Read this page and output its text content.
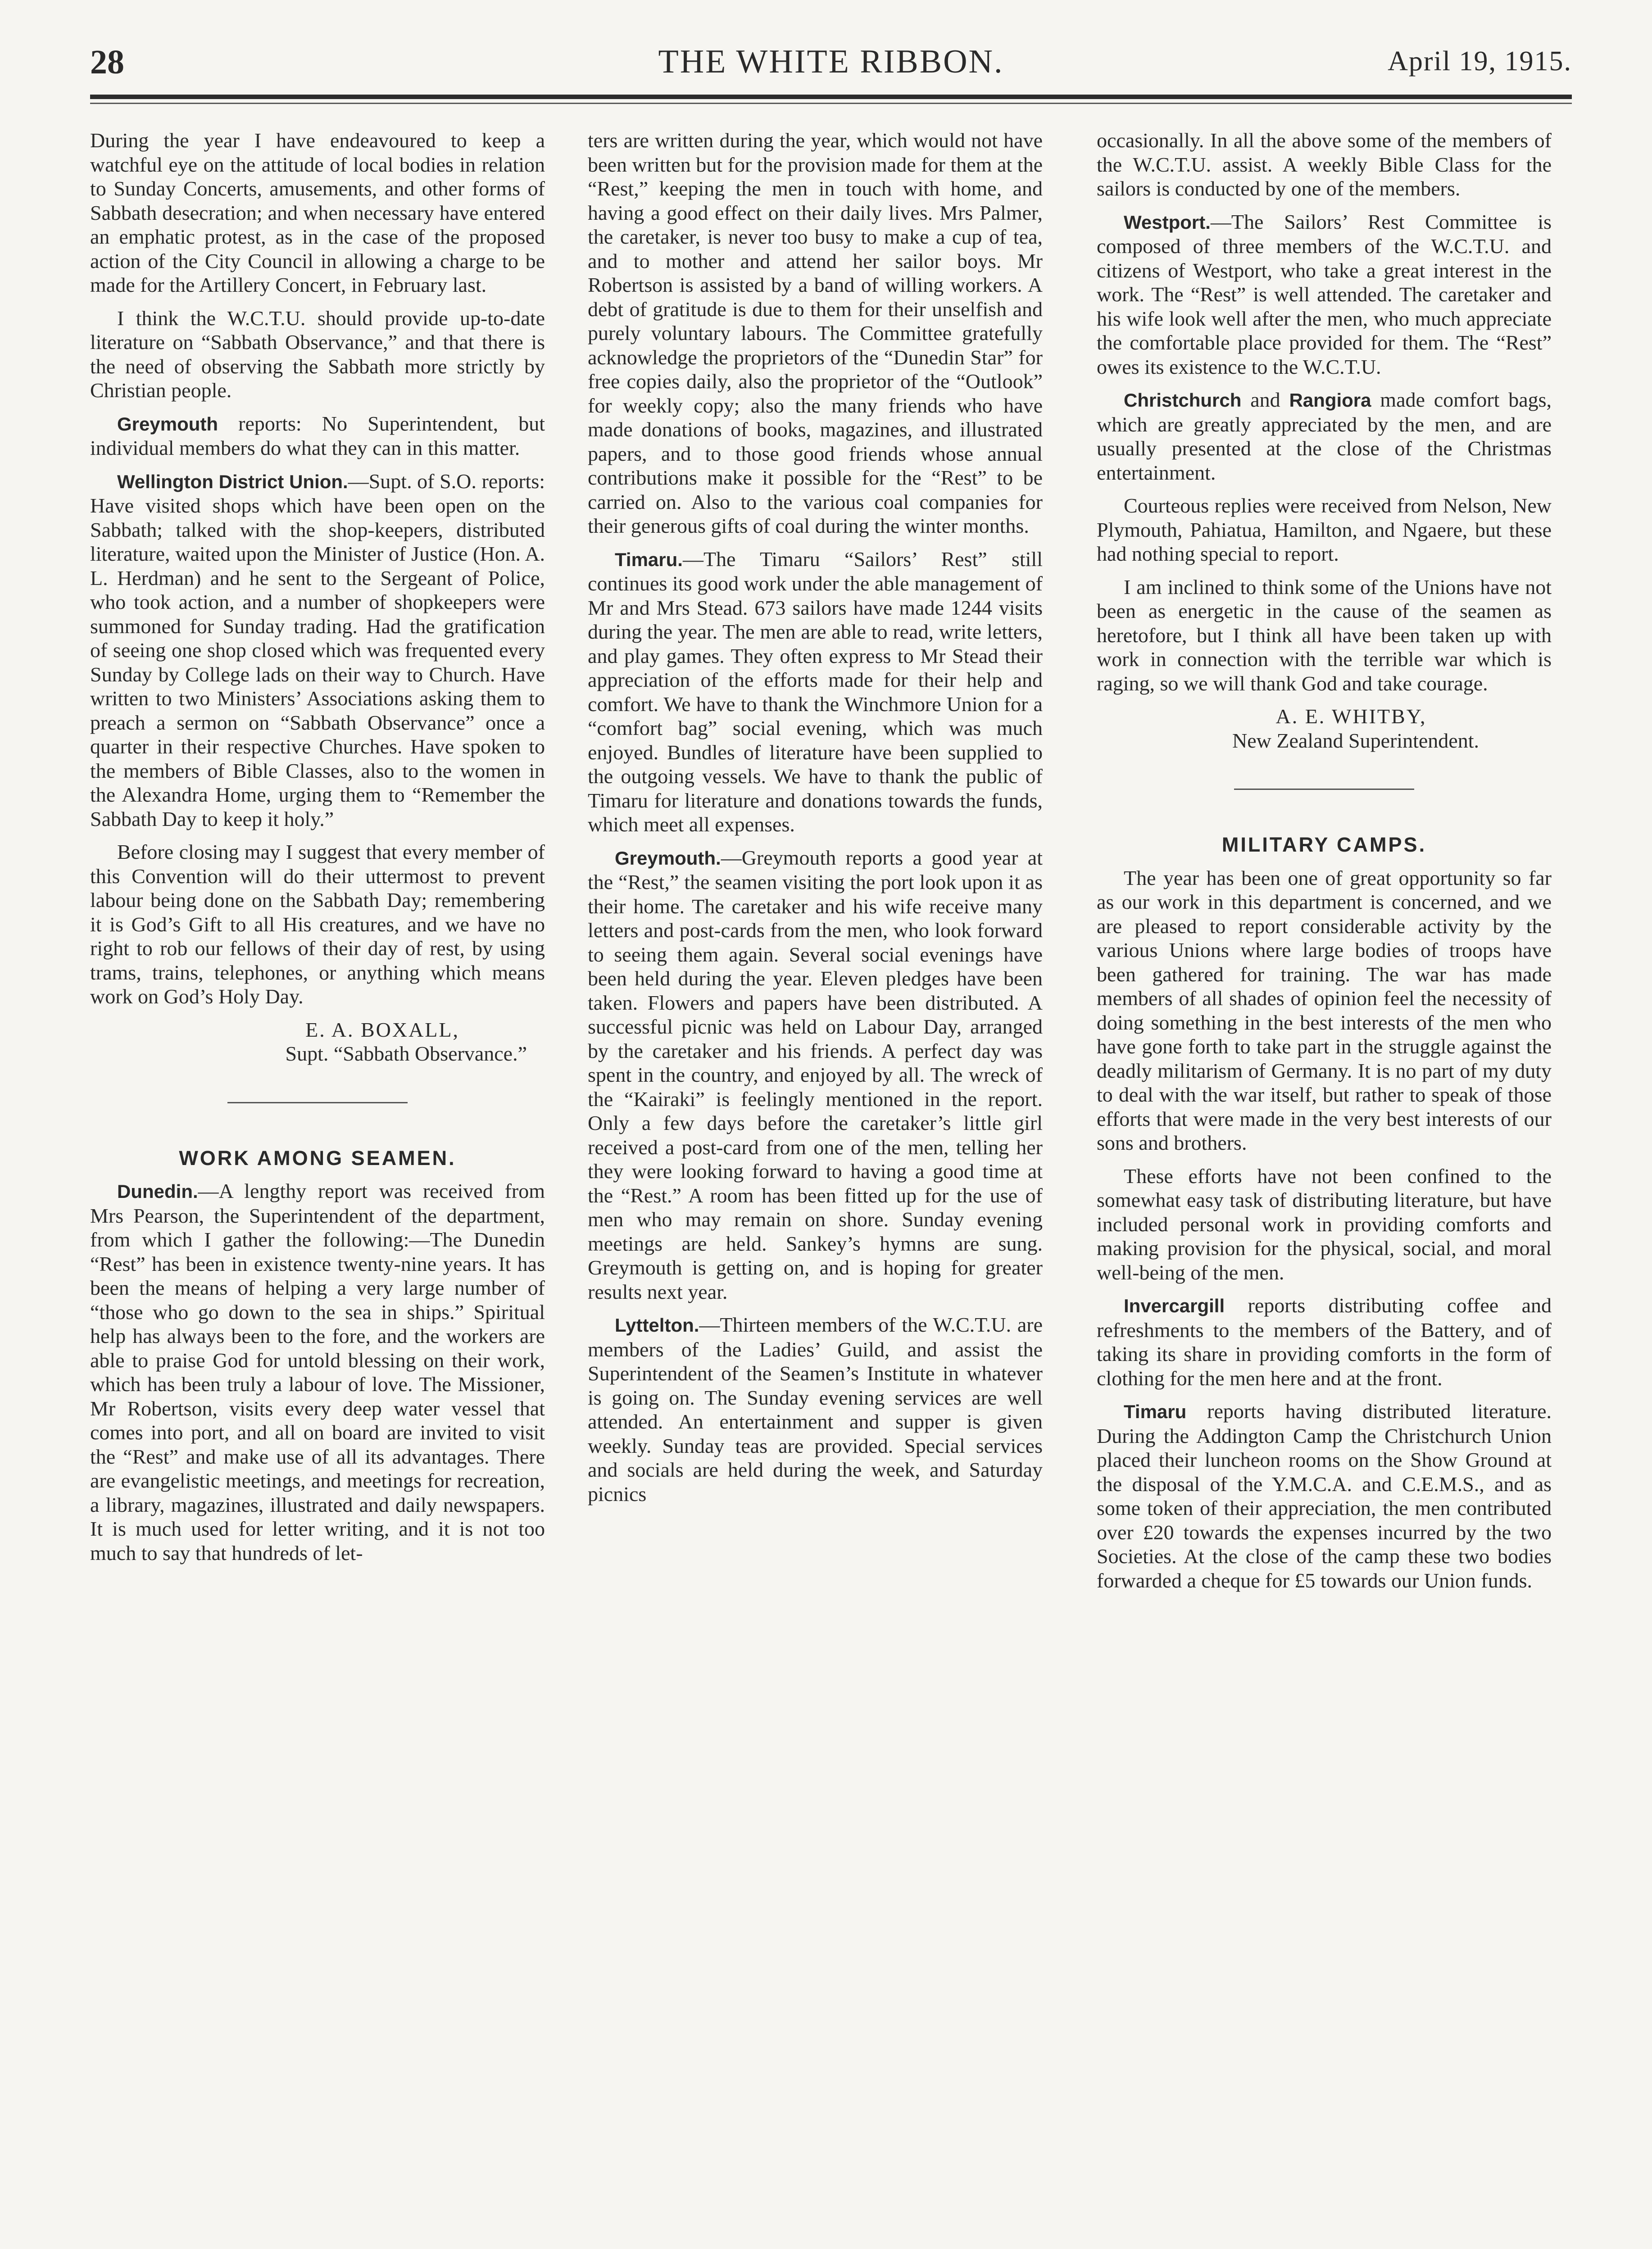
28	THE WHITE RIBBON.	April 19, 1915.

During the year I have endeavoured to keep a watchful eye on the attitude of local bodies in relation to Sunday Concerts, amusements, and other forms of Sabbath desecration; and when necessary have entered an emphatic protest, as in the case of the proposed action of the City Council in allowing a charge to be made for the Artillery Concert, in February last.

I think the W.C.T.U. should provide up-to-date literature on “Sabbath Observance,” and that there is the need of observing the Sabbath more strictly by Christian people.

Greymouth reports: No Superintendent, but individual members do what they can in this matter.

Wellington District Union.—Supt. of S.O. reports: Have visited shops which have been open on the Sabbath; talked with the shop-keepers, distributed literature, waited upon the Minister of Justice (Hon. A. L. Herdman) and he sent to the Sergeant of Police, who took action, and a number of shopkeepers were summoned for Sunday trading. Had the gratification of seeing one shop closed which was frequented every Sunday by College lads on their way to Church. Have written to two Ministers’ Associations asking them to preach a sermon on “Sabbath Observance” once a quarter in their respective Churches. Have spoken to the members of Bible Classes, also to the women in the Alexandra Home, urging them to “Remember the Sabbath Day to keep it holy.”

Before closing may I suggest that every member of this Convention will do their uttermost to prevent labour being done on the Sabbath Day; remembering it is God’s Gift to all His creatures, and we have no right to rob our fellows of their day of rest, by using trams, trains, telephones, or anything which means work on God’s Holy Day.

E. A. BOXALL,

Supt. “Sabbath Observance.”

WORK AMONG SEAMEN.

Dunedin.—A lengthy report was received from Mrs Pearson, the Superintendent of the department, from which I gather the following:—The Dunedin “Rest” has been in existence twenty-nine years. It has been the means of helping a very large number of “those who go down to the sea in ships.” Spiritual help has always been to the fore, and the workers are able to praise God for untold blessing on their work, which has been truly a labour of love. The Missioner, Mr Robertson, visits every deep water vessel that comes into port, and all on board are invited to visit the “Rest” and make use of all its advantages. There are evangelistic meetings, and meetings for recreation, a library, magazines, illustrated and daily newspapers. It is much used for letter writing, and it is not too much to say that hundreds of let-

ters are written during the year, which would not have been written but for the provision made for them at the “Rest,” keeping the men in touch with home, and having a good effect on their daily lives. Mrs Palmer, the caretaker, is never too busy to make a cup of tea, and to mother and attend her sailor boys. Mr Robertson is assisted by a band of willing workers. A debt of gratitude is due to them for their unselfish and purely voluntary labours. The Committee gratefully acknowledge the proprietors of the “Dunedin Star” for free copies daily, also the proprietor of the “Outlook” for weekly copy; also the many friends who have made donations of books, magazines, and illustrated papers, and to those good friends whose annual contributions make it possible for the “Rest” to be carried on. Also to the various coal companies for their generous gifts of coal during the winter months.

Timaru.—The Timaru “Sailors’ Rest” still continues its good work under the able management of Mr and Mrs Stead. 673 sailors have made 1244 visits during the year. The men are able to read, write letters, and play games. They often express to Mr Stead their appreciation of the efforts made for their help and comfort. We have to thank the Winchmore Union for a “comfort bag” social evening, which was much enjoyed. Bundles of literature have been supplied to the outgoing vessels. We have to thank the public of Timaru for literature and donations towards the funds, which meet all expenses.

Greymouth.—Greymouth reports a good year at the “Rest,” the seamen visiting the port look upon it as their home. The caretaker and his wife receive many letters and post-cards from the men, who look forward to seeing them again. Several social evenings have been held during the year. Eleven pledges have been taken. Flowers and papers have been distributed. A successful picnic was held on Labour Day, arranged by the caretaker and his friends. A perfect day was spent in the country, and enjoyed by all. The wreck of the “Kairaki” is feelingly mentioned in the report. Only a few days before the caretaker’s little girl received a post-card from one of the men, telling her they were looking forward to having a good time at the “Rest.” A room has been fitted up for the use of men who may remain on shore. Sunday evening meetings are held. Sankey’s hymns are sung. Greymouth is getting on, and is hoping for greater results next year.

Lyttelton.—Thirteen members of the W.C.T.U. are members of the Ladies’ Guild, and assist the Superintendent of the Seamen’s Institute in whatever is going on. The Sunday evening services are well attended. An entertainment and supper is given weekly. Sunday teas are provided. Special services and socials are held during the week, and Saturday picnics

occasionally. In all the above some of the members of the W.C.T.U. assist. A weekly Bible Class for the sailors is conducted by one of the members.

Westport.—The Sailors’ Rest Committee is composed of three members of the W.C.T.U. and citizens of Westport, who take a great interest in the work. The “Rest” is well attended. The caretaker and his wife look well after the men, who much appreciate the comfortable place provided for them. The “Rest” owes its existence to the W.C.T.U.

Christchurch and Rangiora made comfort bags, which are greatly appreciated by the men, and are usually presented at the close of the Christmas entertainment.

Courteous replies were received from Nelson, New Plymouth, Pahiatua, Hamilton, and Ngaere, but these had nothing special to report.

I am inclined to think some of the Unions have not been as energetic in the cause of the seamen as heretofore, but I think all have been taken up with work in connection with the terrible war which is raging, so we will thank God and take courage.

A. E. WHITBY,

New Zealand Superintendent.

MILITARY CAMPS.

The year has been one of great opportunity so far as our work in this department is concerned, and we are pleased to report considerable activity by the various Unions where large bodies of troops have been gathered for training. The war has made members of all shades of opinion feel the necessity of doing something in the best interests of the men who have gone forth to take part in the struggle against the deadly militarism of Germany. It is no part of my duty to deal with the war itself, but rather to speak of those efforts that were made in the very best interests of our sons and brothers.

These efforts have not been confined to the somewhat easy task of distributing literature, but have included personal work in providing comforts and making provision for the physical, social, and moral well-being of the men.

Invercargill reports distributing coffee and refreshments to the members of the Battery, and of taking its share in providing comforts in the form of clothing for the men here and at the front.

Timaru reports having distributed literature. During the Addington Camp the Christchurch Union placed their luncheon rooms on the Show Ground at the disposal of the Y.M.C.A. and C.E.M.S., and as some token of their appreciation, the men contributed over £20 towards the expenses incurred by the two Societies. At the close of the camp these two bodies forwarded a cheque for £5 towards our Union funds.
